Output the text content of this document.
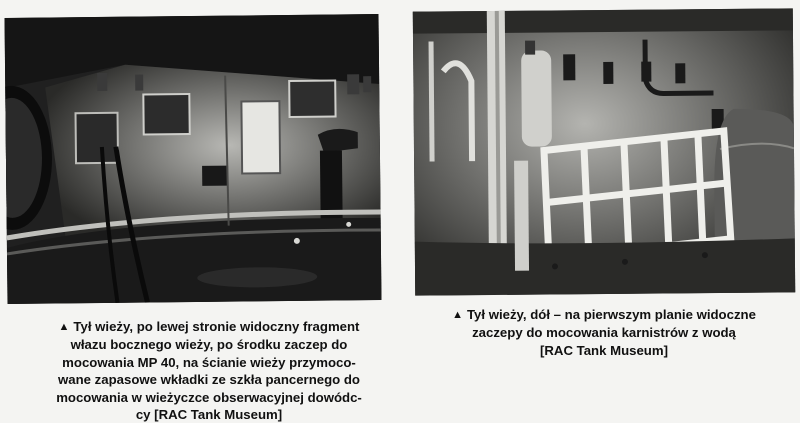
▲ Tył wieży, po lewej stronie widoczny fragment
włazu bocznego wieży, po środku zaczep do
mocowania MP 40, na ścianie wieży przymoco-
wane zapasowe wkładki ze szkła pancernego do
mocowania w wieżyczce obserwacyjnej dowódc-
cy [RAC Tank Museum]
▲ Tył wieży, dół – na pierwszym planie widoczne
zaczepy do mocowania karnistrów z wodą
[RAC Tank Museum]
